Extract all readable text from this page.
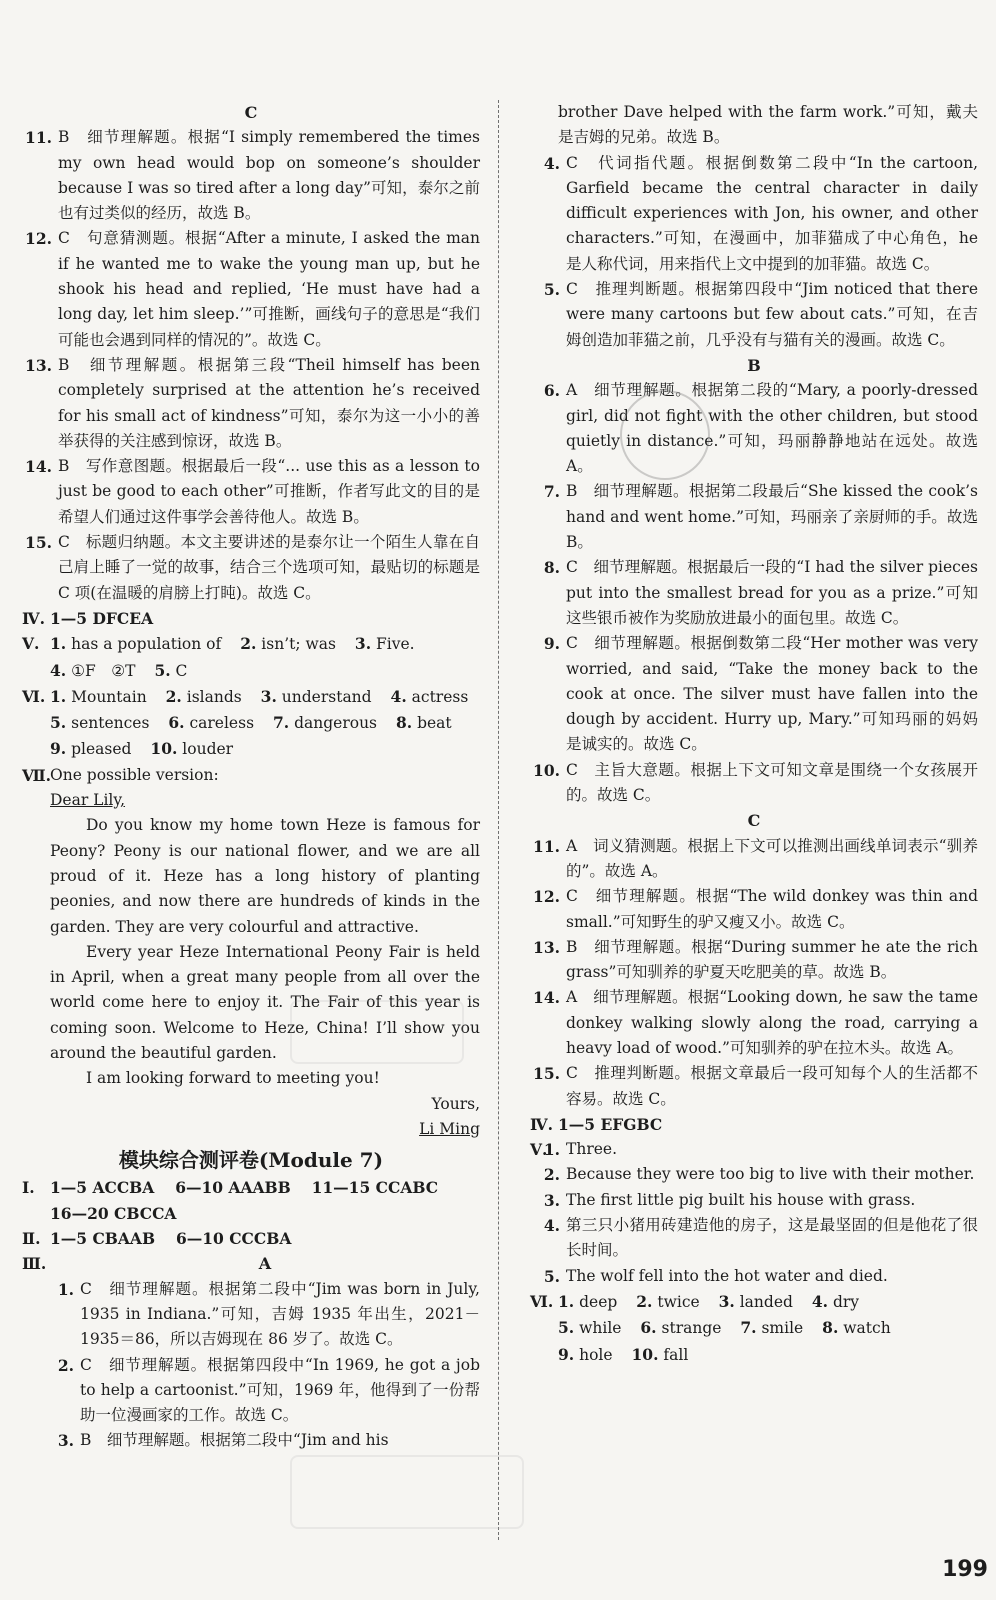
C
11. B　细节理解题。根据“I simply remembered the times my own head would bop on someone’s shoulder because I was so tired after a long day”可知，泰尔之前也有过类似的经历，故选 B。
12. C　句意猜测题。根据“After a minute, I asked the man if he wanted me to wake the young man up, but he shook his head and replied, ‘He must have had a long day, let him sleep.’”可推断，画线句子的意思是“我们可能也会遇到同样的情况的”。故选 C。
13. B　细节理解题。根据第三段“Theil himself has been completely surprised at the attention he’s received for his small act of kindness”可知，泰尔为这一小小的善举获得的关注感到惊讶，故选 B。
14. B　写作意图题。根据最后一段“... use this as a lesson to just be good to each other”可推断，作者写此文的目的是希望人们通过这件事学会善待他人。故选 B。
15. C　标题归纳题。本文主要讲述的是泰尔让一个陌生人靠在自己肩上睡了一觉的故事，结合三个选项可知，最贴切的标题是 C 项(在温暖的肩膀上打盹)。故选 C。
Ⅳ. 1—5 DFCEA
Ⅴ. 1. has a population of 2. isn’t; was 3. Five.
4. ①F　②T 5. C
Ⅵ. 1. Mountain 2. islands 3. understand 4. actress
5. sentences 6. careless 7. dangerous 8. beat
9. pleased 10. louder
Ⅶ.
One possible version:
Dear Lily,
Do you know my home town Heze is famous for Peony? Peony is our national flower, and we are all proud of it. Heze has a long history of planting peonies, and now there are hundreds of kinds in the garden. They are very colourful and attractive.
Every year Heze International Peony Fair is held in April, when a great many people from all over the world come here to enjoy it. The Fair of this year is coming soon. Welcome to Heze, China! I’ll show you around the beautiful garden.
I am looking forward to meeting you!
Yours,
Li Ming
模块综合测评卷(Module 7)
Ⅰ. 1—5 ACCBA　 6—10 AAABB　 11—15 CCABC
16—20 CBCCA
Ⅱ. 1—5 CBAAB　 6—10 CCCBA
Ⅲ.	A
1. C　细节理解题。根据第二段中“Jim was born in July, 1935 in Indiana.”可知，吉姆 1935 年出生，2021－1935＝86，所以吉姆现在 86 岁了。故选 C。
2. C　细节理解题。根据第四段中“In 1969, he got a job to help a cartoonist.”可知，1969 年，他得到了一份帮助一位漫画家的工作。故选 C。
3. B　细节理解题。根据第二段中“Jim and his
brother Dave helped with the farm work.”可知，戴夫是吉姆的兄弟。故选 B。
4. C　代词指代题。根据倒数第二段中“In the cartoon, Garfield became the central character in daily difficult experiences with Jon, his owner, and other characters.”可知，在漫画中，加菲猫成了中心角色，he 是人称代词，用来指代上文中提到的加菲猫。故选 C。
5. C　推理判断题。根据第四段中“Jim noticed that there were many cartoons but few about cats.”可知，在吉姆创造加菲猫之前，几乎没有与猫有关的漫画。故选 C。
B
6. A　细节理解题。根据第二段的“Mary, a poorly-dressed girl, did not fight with the other children, but stood quietly in distance.”可知，玛丽静静地站在远处。故选 A。
7. B　细节理解题。根据第二段最后“She kissed the cook’s hand and went home.”可知，玛丽亲了亲厨师的手。故选 B。
8. C　细节理解题。根据最后一段的“I had the silver pieces put into the smallest bread for you as a prize.”可知这些银币被作为奖励放进最小的面包里。故选 C。
9. C　细节理解题。根据倒数第二段“Her mother was very worried, and said, “Take the money back to the cook at once. The silver must have fallen into the dough by accident. Hurry up, Mary.”可知玛丽的妈妈是诚实的。故选 C。
10. C　主旨大意题。根据上下文可知文章是围绕一个女孩展开的。故选 C。
C
11. A　词义猜测题。根据上下文可以推测出画线单词表示“驯养的”。故选 A。
12. C　细节理解题。根据“The wild donkey was thin and small.”可知野生的驴又瘦又小。故选 C。
13. B　细节理解题。根据“During summer he ate the rich grass”可知驯养的驴夏天吃肥美的草。故选 B。
14. A　细节理解题。根据“Looking down, he saw the tame donkey walking slowly along the road, carrying a heavy load of wood.”可知驯养的驴在拉木头。故选 A。
15. C　推理判断题。根据文章最后一段可知每个人的生活都不容易。故选 C。
Ⅳ. 1—5 EFGBC
Ⅴ.
1. Three.
2. Because they were too big to live with their mother.
3. The first little pig built his house with grass.
4. 第三只小猪用砖建造他的房子，这是最坚固的但是他花了很长时间。
5. The wolf fell into the hot water and died.
Ⅵ. 1. deep 2. twice 3. landed 4. dry
5. while 6. strange 7. smile 8. watch
9. hole 10. fall
199
